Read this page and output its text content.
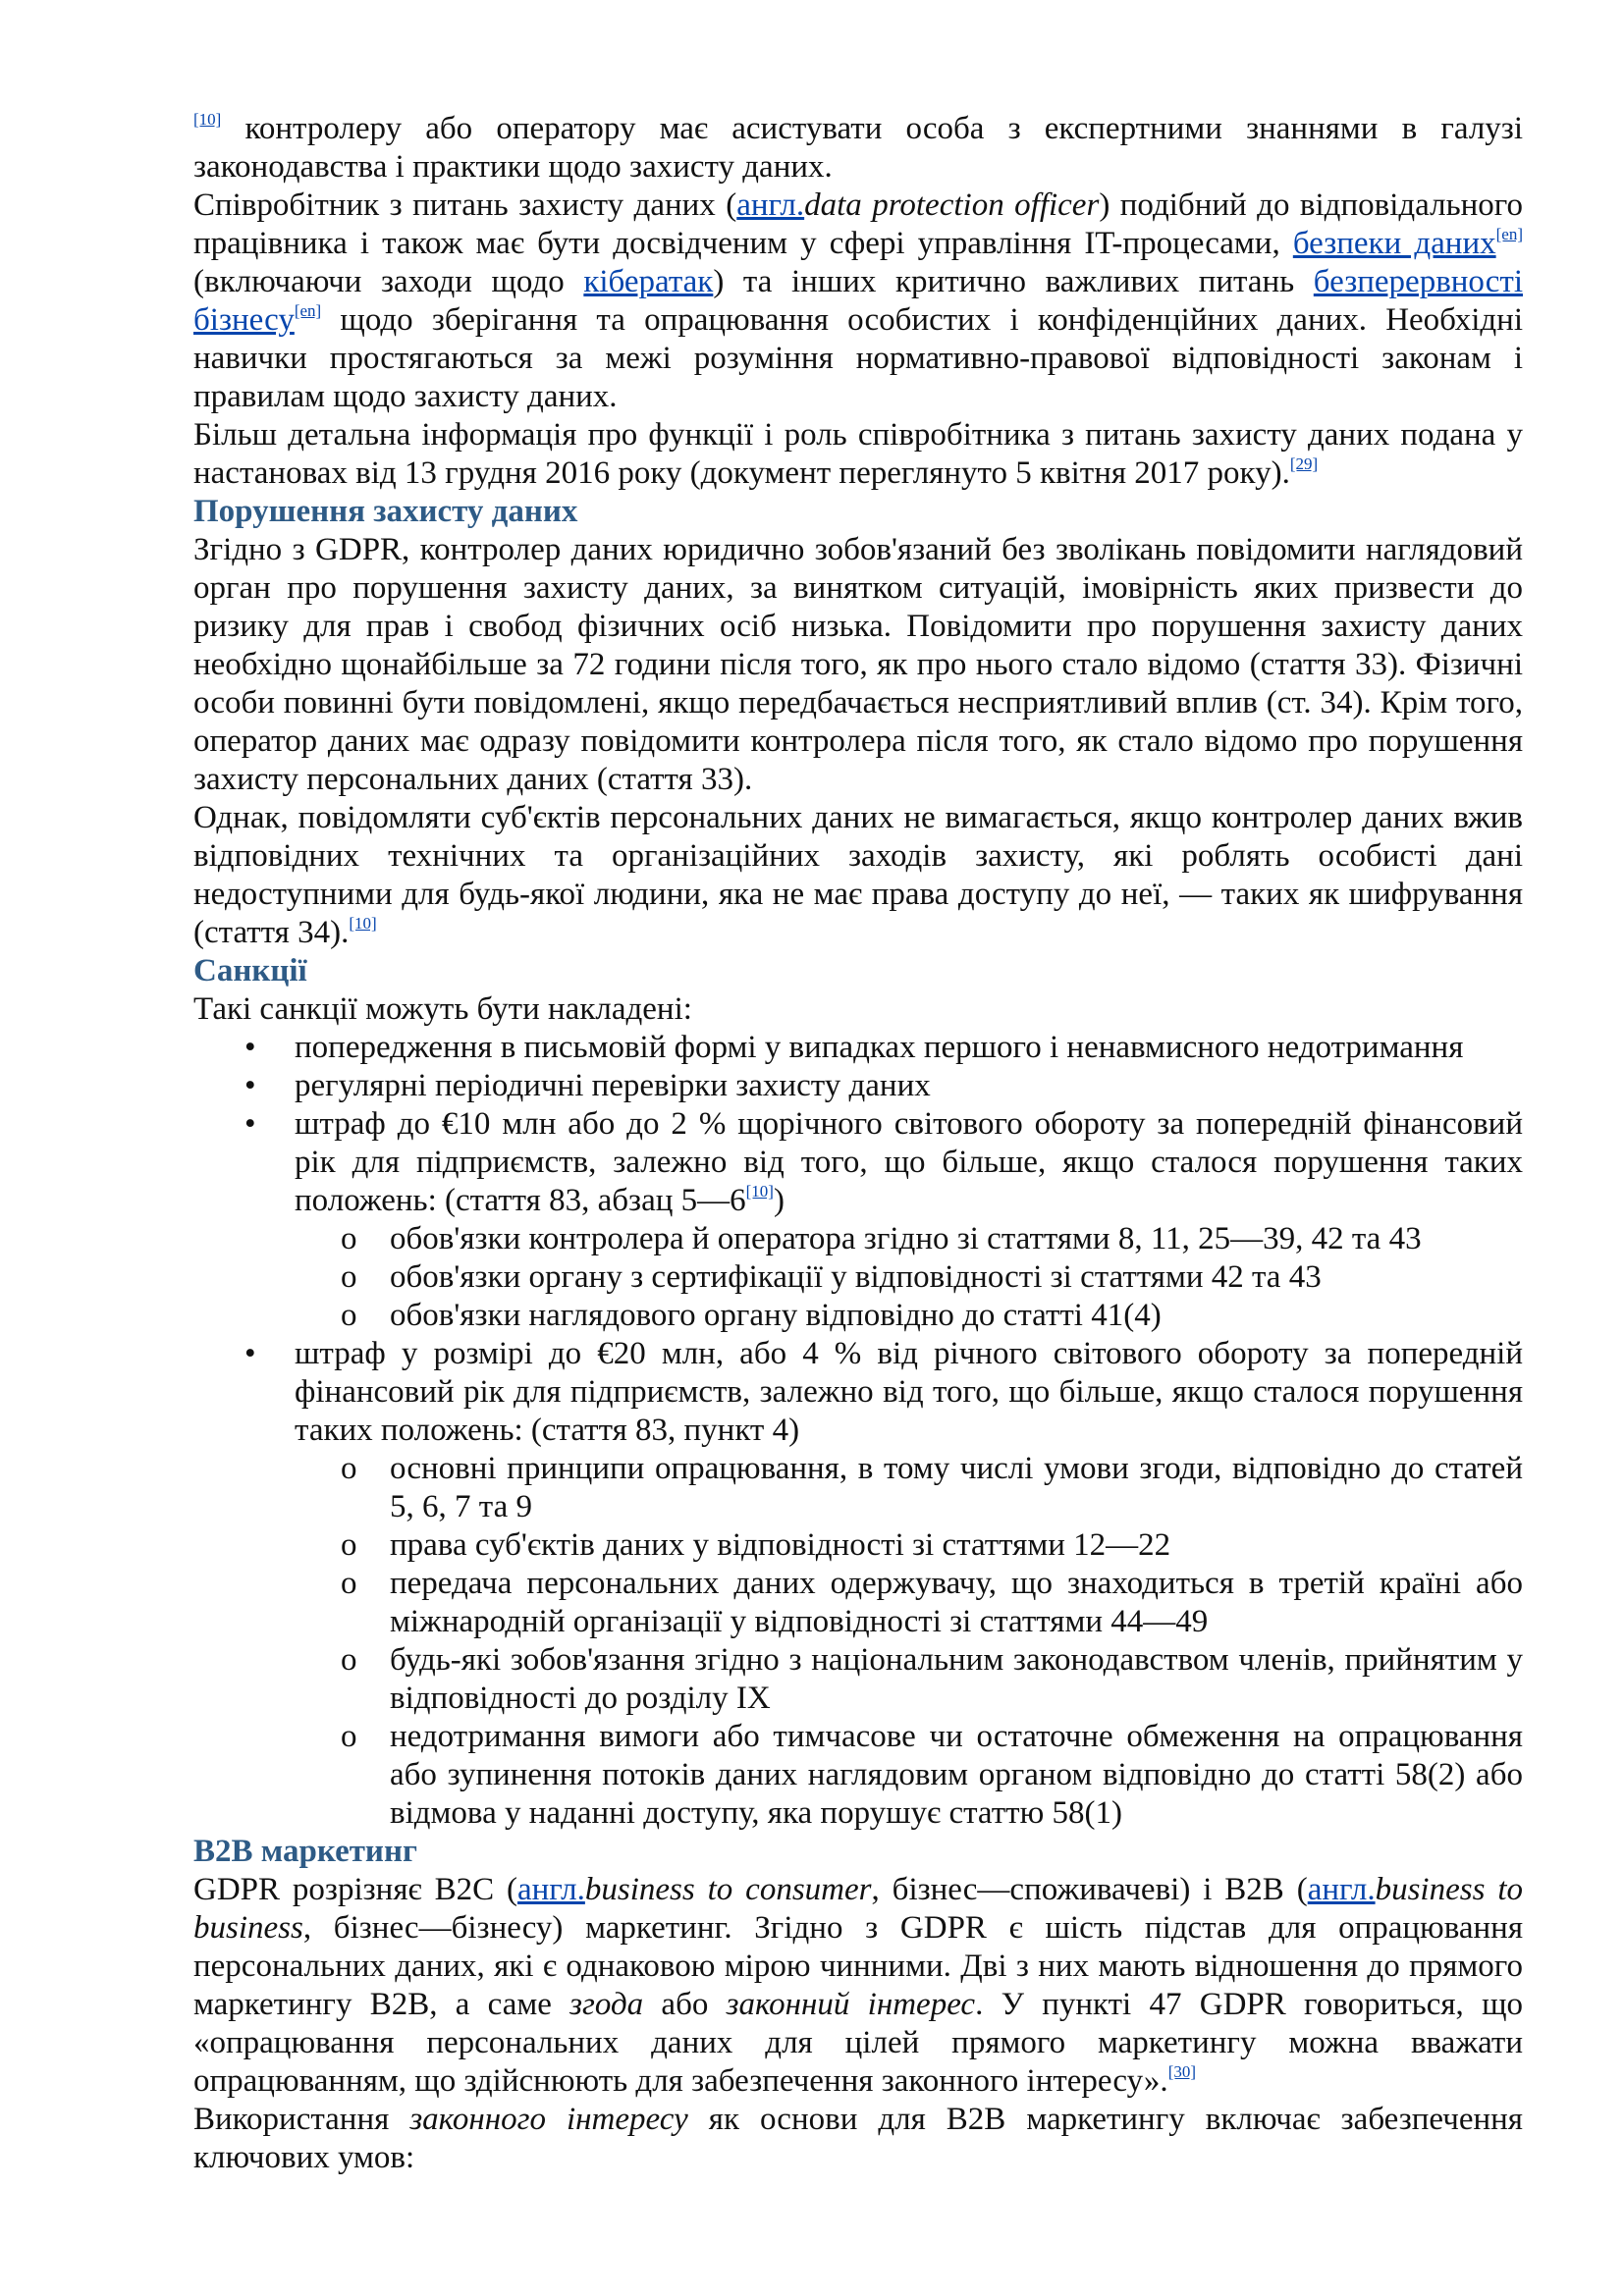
[10] контролеру або оператору має асистувати особа з експертними знаннями в галузі законодавства і практики щодо захисту даних.

Співробітник з питань захисту даних (англ.data protection officer) подібний до відповідального працівника і також має бути досвідченим у сфері управління IT-процесами, безпеки даних[en] (включаючи заходи щодо кібератак) та інших критично важливих питань безперервності бізнесу[en] щодо зберігання та опрацювання особистих і конфіденційних даних. Необхідні навички простягаються за межі розуміння нормативно-правової відповідності законам і правилам щодо захисту даних.

Більш детальна інформація про функції і роль співробітника з питань захисту даних подана у настановах від 13 грудня 2016 року (документ переглянуто 5 квітня 2017 року).[29]

Порушення захисту даних

Згідно з GDPR, контролер даних юридично зобов'язаний без зволікань повідомити наглядовий орган про порушення захисту даних, за винятком ситуацій, імовірність яких призвести до ризику для прав і свобод фізичних осіб низька. Повідомити про порушення захисту даних необхідно щонайбільше за 72 години після того, як про нього стало відомо (стаття 33). Фізичні особи повинні бути повідомлені, якщо передбачається несприятливий вплив (ст. 34). Крім того, оператор даних має одразу повідомити контролера після того, як стало відомо про порушення захисту персональних даних (стаття 33).

Однак, повідомляти суб'єктів персональних даних не вимагається, якщо контролер даних вжив відповідних технічних та організаційних заходів захисту, які роблять особисті дані недоступними для будь-якої людини, яка не має права доступу до неї, — таких як шифрування (стаття 34).[10]

Санкції

Такі санкції можуть бути накладені:

• попередження в письмовій формі у випадках першого і ненавмисного недотримання
• регулярні періодичні перевірки захисту даних
• штраф до €10 млн або до 2 % щорічного світового обороту за попередній фінансовий рік для підприємств, залежно від того, що більше, якщо сталося порушення таких положень: (стаття 83, абзац 5—6[10])
o обов'язки контролера й оператора згідно зі статтями 8, 11, 25—39, 42 та 43
o обов'язки органу з сертифікації у відповідності зі статтями 42 та 43
o обов'язки наглядового органу відповідно до статті 41(4)
• штраф у розмірі до €20 млн, або 4 % від річного світового обороту за попередній фінансовий рік для підприємств, залежно від того, що більше, якщо сталося порушення таких положень: (стаття 83, пункт 4)
o основні принципи опрацювання, в тому числі умови згоди, відповідно до статей 5, 6, 7 та 9
o права суб'єктів даних у відповідності зі статтями 12—22
o передача персональних даних одержувачу, що знаходиться в третій країні або міжнародній організації у відповідності зі статтями 44—49
o будь-які зобов'язання згідно з національним законодавством членів, прийнятим у відповідності до розділу IX
o недотримання вимоги або тимчасове чи остаточне обмеження на опрацювання або зупинення потоків даних наглядовим органом відповідно до статті 58(2) або відмова у наданні доступу, яка порушує статтю 58(1)
B2B маркетинг

GDPR розрізняє B2C (англ.business to consumer, бізнес—споживачеві) і B2B (англ.business to business, бізнес—бізнесу) маркетинг. Згідно з GDPR є шість підстав для опрацювання персональних даних, які є однаковою мірою чинними. Дві з них мають відношення до прямого маркетингу B2B, а саме згода або законний інтерес. У пункті 47 GDPR говориться, що «опрацювання персональних даних для цілей прямого маркетингу можна вважати опрацюванням, що здійснюють для забезпечення законного інтересу».[30]

Використання законного інтересу як основи для B2B маркетингу включає забезпечення ключових умов:
